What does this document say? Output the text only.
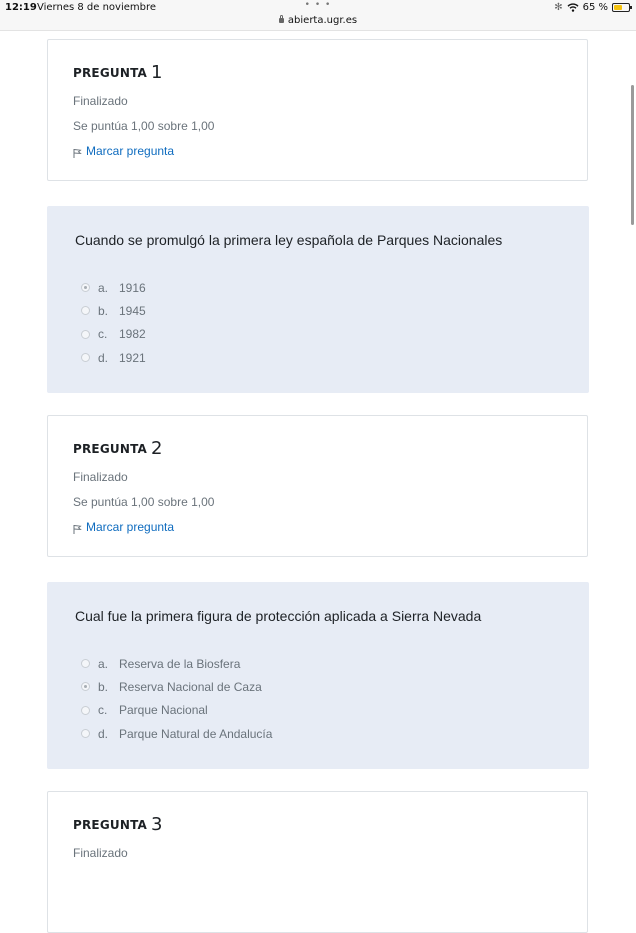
12:19 Viernes 8 de noviembre	• • •
abierta.ugr.es
✻ 65 %
PREGUNTA 1
Finalizado
Se puntúa 1,00 sobre 1,00
Marcar pregunta
Cuando se promulgó la primera ley española de Parques Nacionales
a. 1916
b. 1945
c. 1982
d. 1921
PREGUNTA 2
Finalizado
Se puntúa 1,00 sobre 1,00
Marcar pregunta
Cual fue la primera figura de protección aplicada a Sierra Nevada
a. Reserva de la Biosfera
b. Reserva Nacional de Caza
c. Parque Nacional
d. Parque Natural de Andalucía
PREGUNTA 3
Finalizado
